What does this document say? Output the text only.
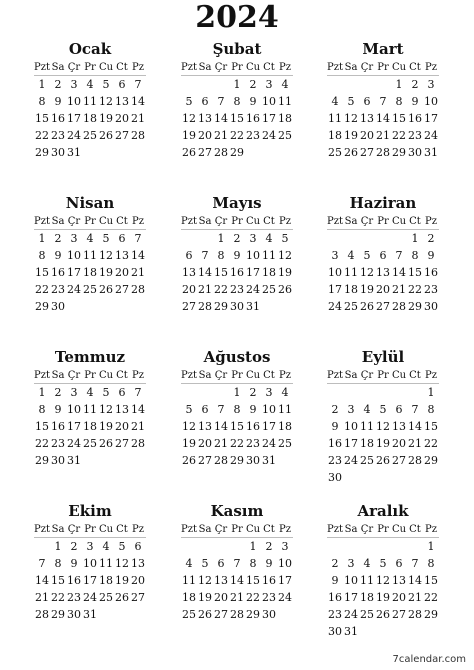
2024
Ocak
Pzt Sa Çr Pr Cu Ct Pz
1 2 3 4 5 6 7
8 9 10 11 12 13 14
15 16 17 18 19 20 21
22 23 24 25 26 27 28
29 30 31
Şubat
Pzt Sa Çr Pr Cu Ct Pz
1 2 3 4
5 6 7 8 9 10 11
12 13 14 15 16 17 18
19 20 21 22 23 24 25
26 27 28 29
Mart
Pzt Sa Çr Pr Cu Ct Pz
1 2 3
4 5 6 7 8 9 10
11 12 13 14 15 16 17
18 19 20 21 22 23 24
25 26 27 28 29 30 31
Nisan
Pzt Sa Çr Pr Cu Ct Pz
1 2 3 4 5 6 7
8 9 10 11 12 13 14
15 16 17 18 19 20 21
22 23 24 25 26 27 28
29 30
Mayıs
Pzt Sa Çr Pr Cu Ct Pz
1 2 3 4 5
6 7 8 9 10 11 12
13 14 15 16 17 18 19
20 21 22 23 24 25 26
27 28 29 30 31
Haziran
Pzt Sa Çr Pr Cu Ct Pz
1 2
3 4 5 6 7 8 9
10 11 12 13 14 15 16
17 18 19 20 21 22 23
24 25 26 27 28 29 30
Temmuz
Pzt Sa Çr Pr Cu Ct Pz
1 2 3 4 5 6 7
8 9 10 11 12 13 14
15 16 17 18 19 20 21
22 23 24 25 26 27 28
29 30 31
Ağustos
Pzt Sa Çr Pr Cu Ct Pz
1 2 3 4
5 6 7 8 9 10 11
12 13 14 15 16 17 18
19 20 21 22 23 24 25
26 27 28 29 30 31
Eylül
Pzt Sa Çr Pr Cu Ct Pz
1
2 3 4 5 6 7 8
9 10 11 12 13 14 15
16 17 18 19 20 21 22
23 24 25 26 27 28 29
30
Ekim
Pzt Sa Çr Pr Cu Ct Pz
1 2 3 4 5 6
7 8 9 10 11 12 13
14 15 16 17 18 19 20
21 22 23 24 25 26 27
28 29 30 31
Kasım
Pzt Sa Çr Pr Cu Ct Pz
1 2 3
4 5 6 7 8 9 10
11 12 13 14 15 16 17
18 19 20 21 22 23 24
25 26 27 28 29 30
Aralık
Pzt Sa Çr Pr Cu Ct Pz
1
2 3 4 5 6 7 8
9 10 11 12 13 14 15
16 17 18 19 20 21 22
23 24 25 26 27 28 29
30 31
7calendar.com
